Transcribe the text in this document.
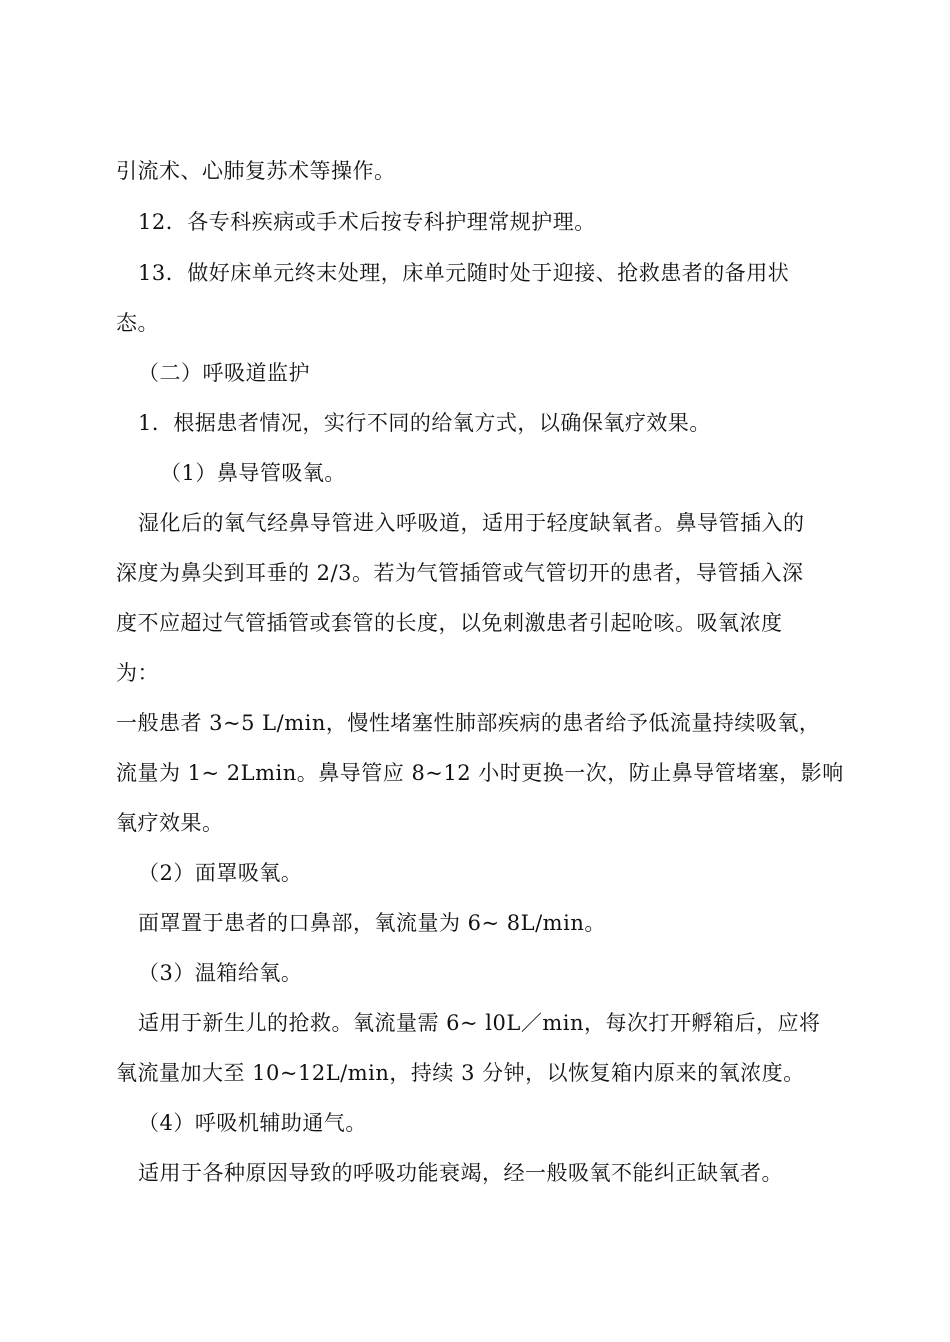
引流术、心肺复苏术等操作。
12．各专科疾病或手术后按专科护理常规护理。
13．做好床单元终末处理，床单元随时处于迎接、抢救患者的备用状
态。
（二）呼吸道监护
1．根据患者情况，实行不同的给氧方式，以确保氧疗效果。
（1）鼻导管吸氧。
湿化后的氧气经鼻导管进入呼吸道，适用于轻度缺氧者。鼻导管插入的
深度为鼻尖到耳垂的 2/3。若为气管插管或气管切开的患者，导管插入深
度不应超过气管插管或套管的长度，以免刺激患者引起呛咳。吸氧浓度
为：
一般患者 3~5 L/min，慢性堵塞性肺部疾病的患者给予低流量持续吸氧，
流量为 1~ 2Lmin。鼻导管应 8~12 小时更换一次，防止鼻导管堵塞，影响
氧疗效果。
（2）面罩吸氧。
面罩置于患者的口鼻部，氧流量为 6~ 8L/min。
（3）温箱给氧。
适用于新生儿的抢救。氧流量需 6~ l0L／min，每次打开孵箱后，应将
氧流量加大至 10~12L/min，持续 3 分钟，以恢复箱内原来的氧浓度。
（4）呼吸机辅助通气。
适用于各种原因导致的呼吸功能衰竭，经一般吸氧不能纠正缺氧者。
